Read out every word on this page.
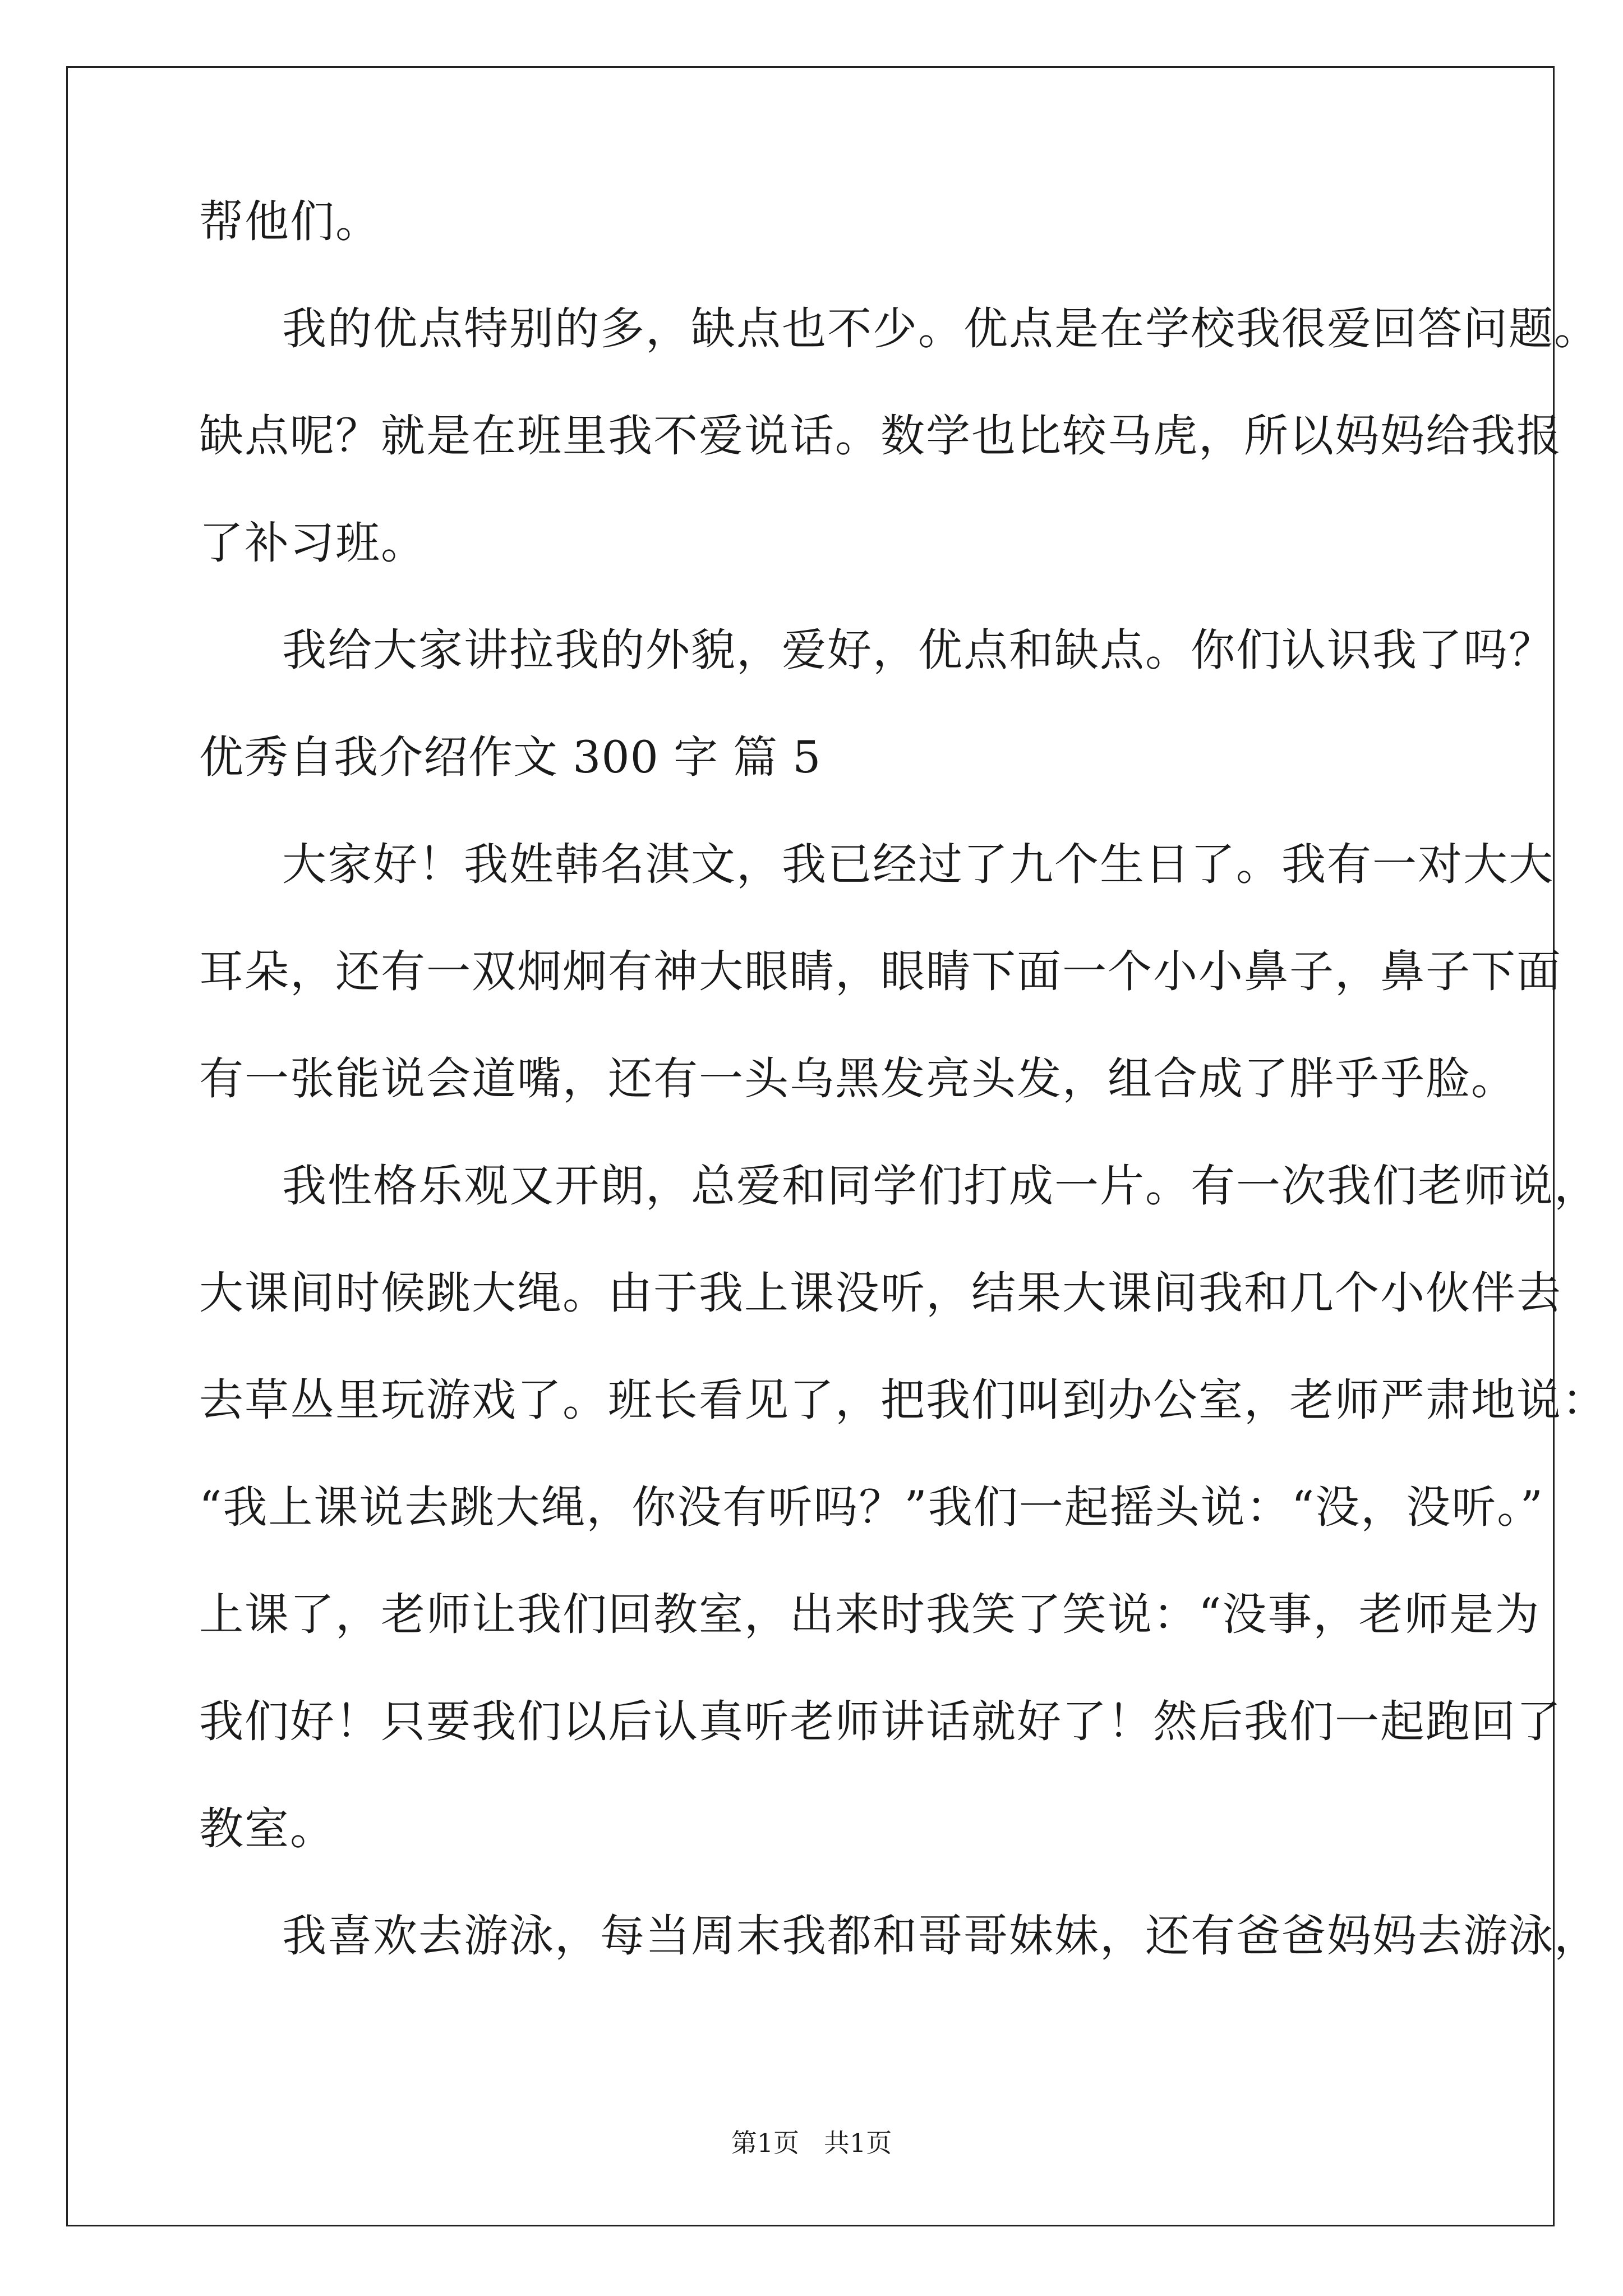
帮他们。
我的优点特别的多，缺点也不少。优点是在学校我很爱回答问题。
缺点呢？就是在班里我不爱说话。数学也比较马虎，所以妈妈给我报
了补习班。
我给大家讲拉我的外貌，爱好，优点和缺点。你们认识我了吗？
优秀自我介绍作文 300 字 篇 5
大家好！我姓韩名淇文，我已经过了九个生日了。我有一对大大
耳朵，还有一双炯炯有神大眼睛，眼睛下面一个小小鼻子，鼻子下面
有一张能说会道嘴，还有一头乌黑发亮头发，组合成了胖乎乎脸。
我性格乐观又开朗，总爱和同学们打成一片。有一次我们老师说，
大课间时候跳大绳。由于我上课没听，结果大课间我和几个小伙伴去
去草丛里玩游戏了。班长看见了，把我们叫到办公室，老师严肃地说：
“我上课说去跳大绳，你没有听吗？”我们一起摇头说：“没，没听。”
上课了，老师让我们回教室，出来时我笑了笑说：“没事，老师是为
我们好！只要我们以后认真听老师讲话就好了！然后我们一起跑回了
教室。
我喜欢去游泳，每当周末我都和哥哥妹妹，还有爸爸妈妈去游泳，
第1页 共1页
